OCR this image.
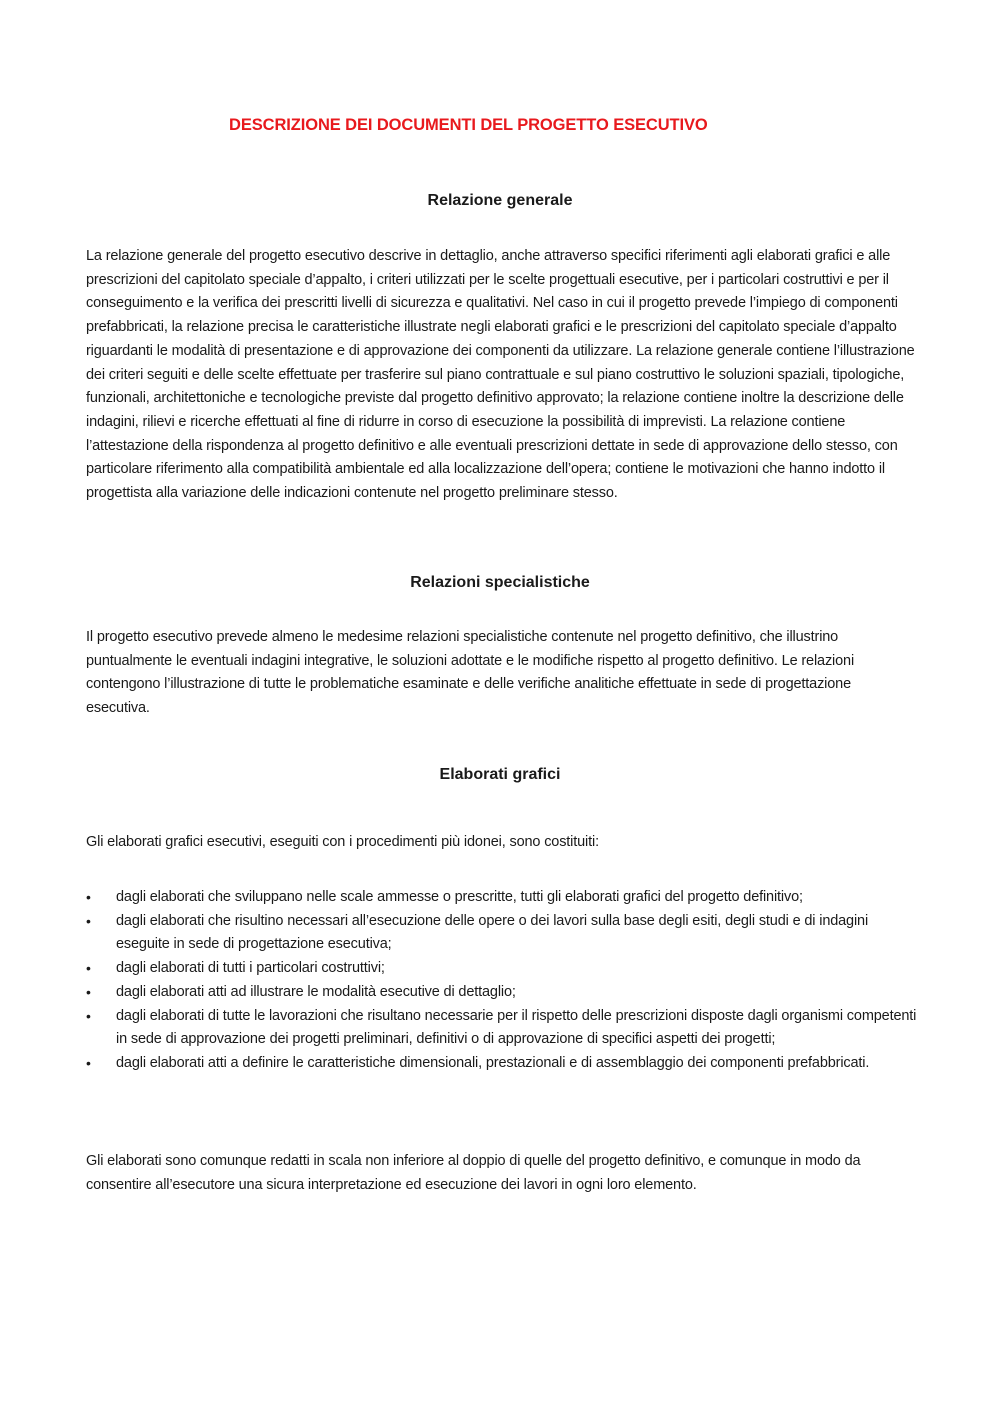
DESCRIZIONE DEI DOCUMENTI DEL PROGETTO ESECUTIVO
Relazione generale

La relazione generale del progetto esecutivo descrive in dettaglio, anche attraverso specifici riferimenti agli elaborati grafici e alle prescrizioni del capitolato speciale d’appalto, i criteri utilizzati per le scelte progettuali esecutive, per i particolari costruttivi e per il conseguimento e la verifica dei prescritti livelli di sicurezza e qualitativi. Nel caso in cui il progetto prevede l’impiego di componenti prefabbricati, la relazione precisa le caratteristiche illustrate negli elaborati grafici e le prescrizioni del capitolato speciale d’appalto riguardanti le modalità di presentazione e di approvazione dei componenti da utilizzare. La relazione generale contiene l’illustrazione dei criteri seguiti e delle scelte effettuate per trasferire sul piano contrattuale e sul piano costruttivo le soluzioni spaziali, tipologiche, funzionali, architettoniche e tecnologiche previste dal progetto definitivo approvato; la relazione contiene inoltre la descrizione delle indagini, rilievi e ricerche effettuati al fine di ridurre in corso di esecuzione la possibilità di imprevisti. La relazione contiene l’attestazione della rispondenza al progetto definitivo e alle eventuali prescrizioni dettate in sede di approvazione dello stesso, con particolare riferimento alla compatibilità ambientale ed alla localizzazione dell’opera; contiene le motivazioni che hanno indotto il progettista alla variazione delle indicazioni contenute nel progetto preliminare stesso.

Relazioni specialistiche

Il progetto esecutivo prevede almeno le medesime relazioni specialistiche contenute nel progetto definitivo, che illustrino puntualmente le eventuali indagini integrative, le soluzioni adottate e le modifiche rispetto al progetto definitivo. Le relazioni contengono l’illustrazione di tutte le problematiche esaminate e delle verifiche analitiche effettuate in sede di progettazione esecutiva.

Elaborati grafici

Gli elaborati grafici esecutivi, eseguiti con i procedimenti più idonei, sono costituiti:

• dagli elaborati che sviluppano nelle scale ammesse o prescritte, tutti gli elaborati grafici del progetto definitivo;
• dagli elaborati che risultino necessari all’esecuzione delle opere o dei lavori sulla base degli esiti, degli studi e di indagini eseguite in sede di progettazione esecutiva;
• dagli elaborati di tutti i particolari costruttivi;
• dagli elaborati atti ad illustrare le modalità esecutive di dettaglio;
• dagli elaborati di tutte le lavorazioni che risultano necessarie per il rispetto delle prescrizioni disposte dagli organismi competenti in sede di approvazione dei progetti preliminari, definitivi o di approvazione di specifici aspetti dei progetti;
• dagli elaborati atti a definire le caratteristiche dimensionali, prestazionali e di assemblaggio dei componenti prefabbricati.

Gli elaborati sono comunque redatti in scala non inferiore al doppio di quelle del progetto definitivo, e comunque in modo da consentire all’esecutore una sicura interpretazione ed esecuzione dei lavori in ogni loro elemento.
